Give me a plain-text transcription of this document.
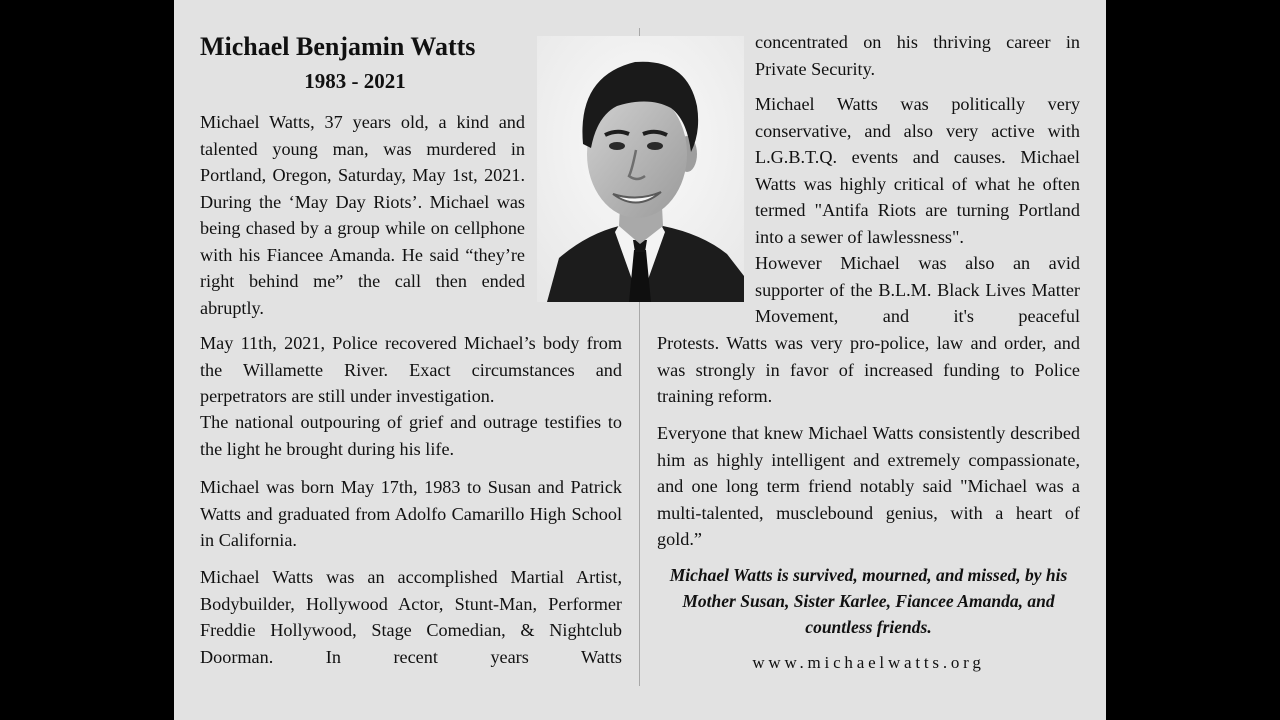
Michael Benjamin Watts
1983 - 2021

Michael Watts, 37 years old, a kind and talented young man, was murdered in Portland, Oregon, Saturday, May 1st, 2021. During the ‘May Day Riots’. Michael was being chased by a group while on cellphone with his Fiancee Amanda. He said “they’re right behind me” the call then ended abruptly.

May 11th, 2021, Police recovered Michael’s body from the Willamette River. Exact circumstances and perpetrators are still under investigation.

The national outpouring of grief and outrage testifies to the light he brought during his life.

Michael was born May 17th, 1983 to Susan and Patrick Watts and graduated from Adolfo Camarillo High School in California.

Michael Watts was an accomplished Martial Artist, Bodybuilder, Hollywood Actor, Stunt-Man, Performer Freddie Hollywood, Stage Comedian, & Nightclub Doorman. In recent years Watts

concentrated on his thriving career in Private Security.

Michael Watts was politically very conservative, and also very active with L.G.B.T.Q. events and causes. Michael Watts was highly critical of what he often termed "Antifa Riots are turning Portland into a sewer of lawlessness".

However Michael was also an avid supporter of the B.L.M. Black Lives Matter Movement, and it's peaceful

Protests. Watts was very pro-police, law and order, and was strongly in favor of increased funding to Police training reform.

Everyone that knew Michael Watts consistently described him as highly intelligent and extremely compassionate, and one long term friend notably said "Michael was a multi-talented, musclebound genius, with a heart of gold.”

Michael Watts is survived, mourned, and missed, by his Mother Susan, Sister Karlee, Fiancee Amanda, and countless friends.

www.michaelwatts.org
